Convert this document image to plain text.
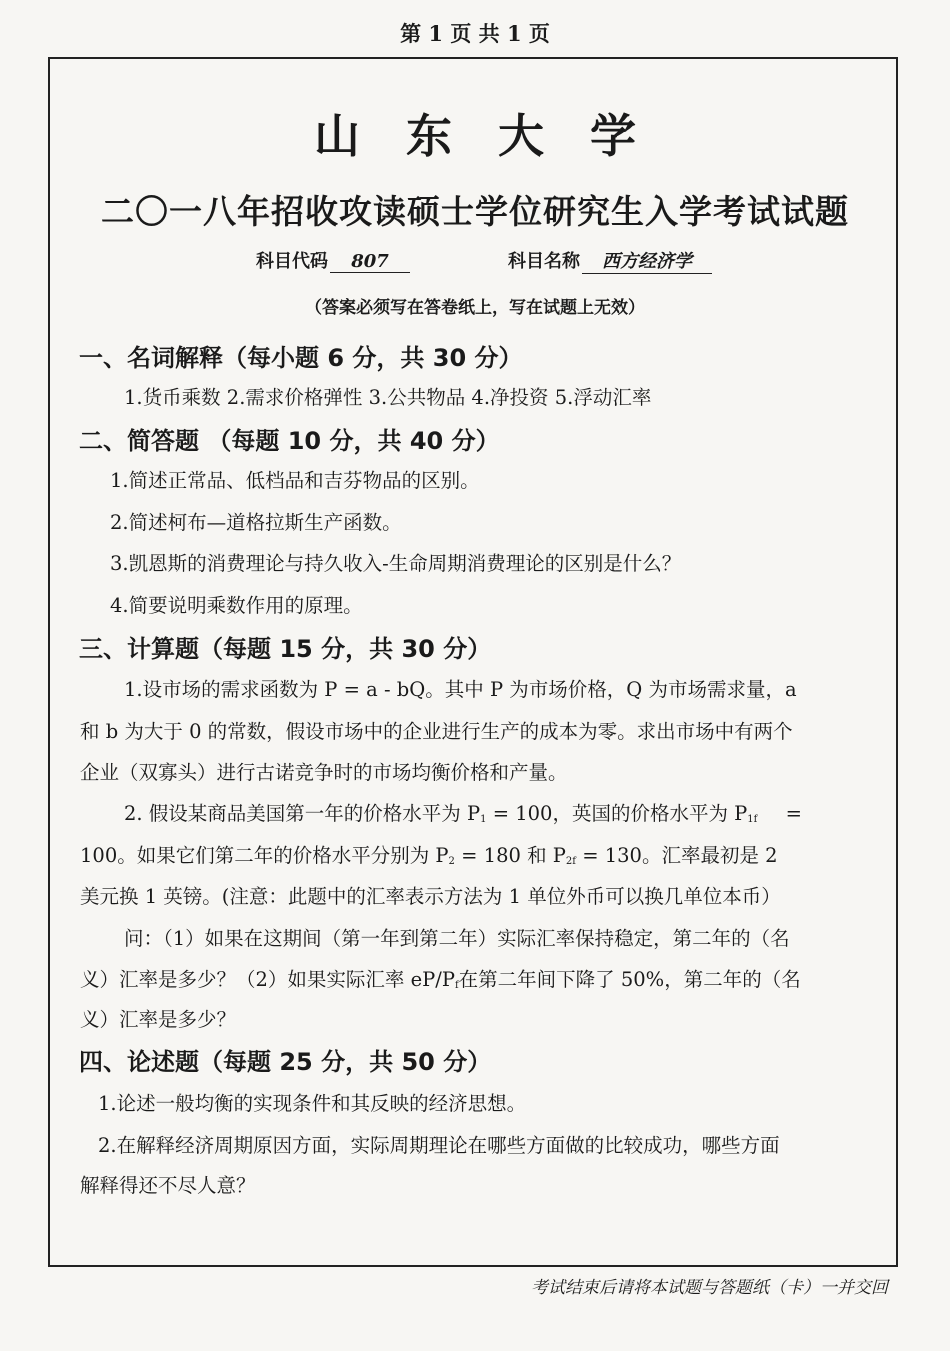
第 1 页 共 1 页
山东大学
二〇一八年招收攻读硕士学位研究生入学考试试题
科目代码 807	科目名称 西方经济学
（答案必须写在答卷纸上，写在试题上无效）
一、名词解释（每小题 6 分，共 30 分）
1.货币乘数 2.需求价格弹性 3.公共物品 4.净投资 5.浮动汇率
二、简答题 （每题 10 分，共 40 分）
1.简述正常品、低档品和吉芬物品的区别。
2.简述柯布—道格拉斯生产函数。
3.凯恩斯的消费理论与持久收入-生命周期消费理论的区别是什么？
4.简要说明乘数作用的原理。
三、计算题（每题 15 分，共 30 分）
1.设市场的需求函数为 P = a - bQ。其中 P 为市场价格，Q 为市场需求量，a
和 b 为大于 0 的常数，假设市场中的企业进行生产的成本为零。求出市场中有两个
企业（双寡头）进行古诺竞争时的市场均衡价格和产量。
2. 假设某商品美国第一年的价格水平为 $P_1 = 100$，英国的价格水平为 $P_{1f}$ =
100。如果它们第二年的价格水平分别为 $P_2 = 180$ 和 $P_{2f} = 130$。汇率最初是 2
美元换 1 英镑。(注意：此题中的汇率表示方法为 1 单位外币可以换几单位本币）
问：（1）如果在这期间（第一年到第二年）实际汇率保持稳定，第二年的（名
义）汇率是多少？（2）如果实际汇率 $eP/P_f$在第二年间下降了 50%，第二年的（名
义）汇率是多少？
四、论述题（每题 25 分，共 50 分）
1.论述一般均衡的实现条件和其反映的经济思想。
2.在解释经济周期原因方面，实际周期理论在哪些方面做的比较成功，哪些方面
解释得还不尽人意？
考试结束后请将本试题与答题纸（卡）一并交回
